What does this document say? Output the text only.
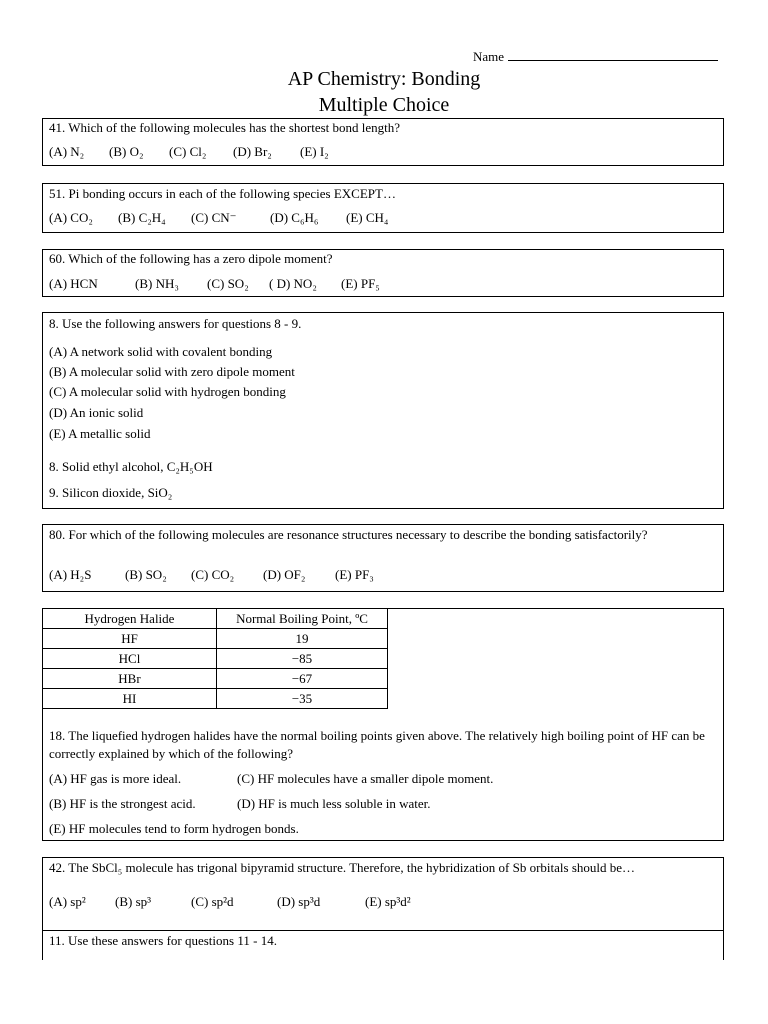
Name
AP Chemistry: Bonding
Multiple Choice
41. Which of the following molecules has the shortest bond length?
(A) N₂ (B) O₂ (C) Cl₂ (D) Br₂ (E) I₂
51. Pi bonding occurs in each of the following species EXCEPT…
(A) CO₂ (B) C₂H₄ (C) CN⁻	(D) C₆H₆ (E) CH₄
60. Which of the following has a zero dipole moment?
(A) HCN	(B) NH₃ (C) SO₂ ( D) NO₂ (E) PF₅
8. Use the following answers for questions 8 - 9.
(A) A network solid with covalent bonding
(B) A molecular solid with zero dipole moment
(C) A molecular solid with hydrogen bonding
(D) An ionic solid
(E) A metallic solid
8. Solid ethyl alcohol, C₂H₅OH
9. Silicon dioxide, SiO₂
80. For which of the following molecules are resonance structures necessary to describe the bonding satisfactorily?
(A) H₂S	(B) SO₂ (C) CO₂ (D) OF₂ (E) PF₃
Hydrogen Halide	Normal Boiling Point, ºC
HF	19
HCl	−85
HBr	−67
HI	−35
18. The liquefied hydrogen halides have the normal boiling points given above. The relatively high boiling point of HF can be correctly explained by which of the following?
(A) HF gas is more ideal.	(C) HF molecules have a smaller dipole moment.
(B) HF is the strongest acid.	(D) HF is much less soluble in water.
(E) HF molecules tend to form hydrogen bonds.
42. The SbCl₅ molecule has trigonal bipyramid structure. Therefore, the hybridization of Sb orbitals should be…
(A) sp² (B) sp³	(C) sp²d	(D) sp³d	(E) sp³d²
11. Use these answers for questions 11 - 14.
